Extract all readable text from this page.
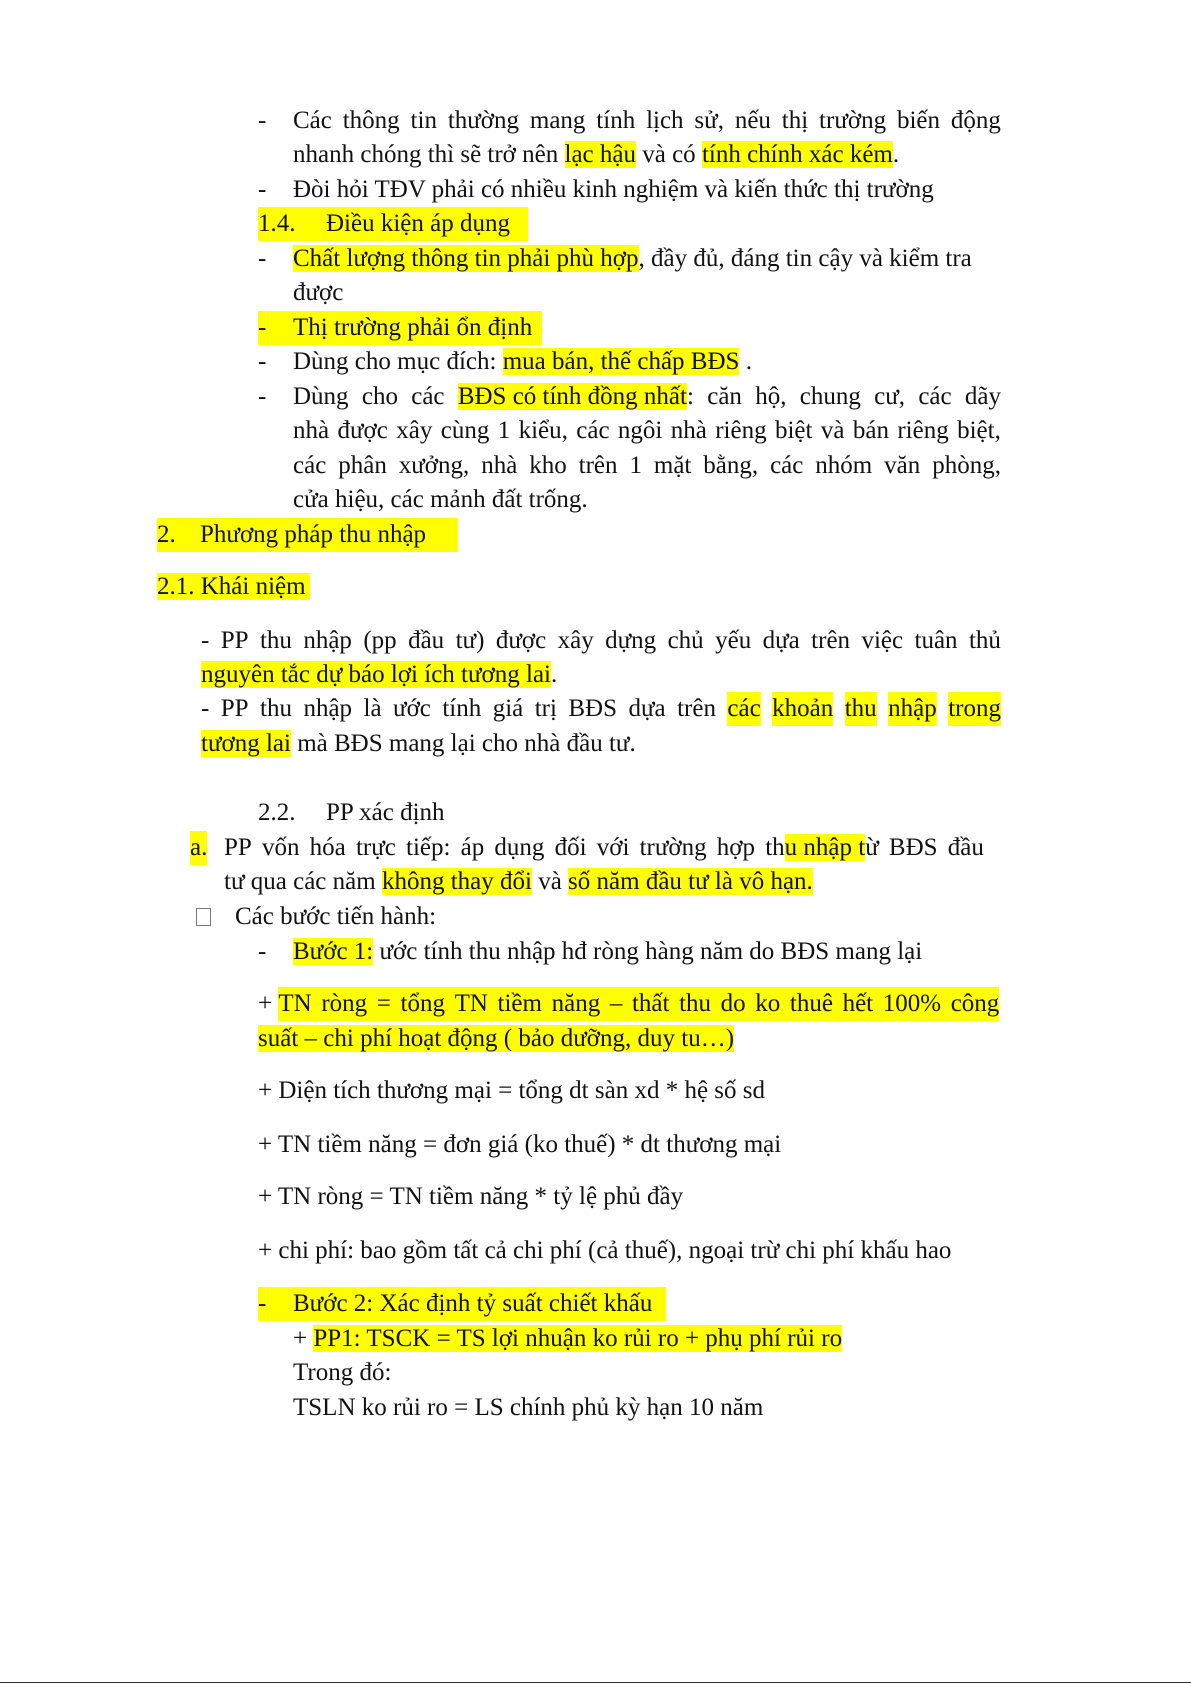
- Các thông tin thường mang tính lịch sử, nếu thị trường biến động
nhanh chóng thì sẽ trở nên lạc hậu và có tính chính xác kém.
- Đòi hỏi TĐV phải có nhiều kinh nghiệm và kiến thức thị trường
1.4. Điều kiện áp dụng
- Chất lượng thông tin phải phù hợp, đầy đủ, đáng tin cậy và kiểm tra
được
- Thị trường phải ổn định
- Dùng cho mục đích: mua bán, thế chấp BĐS .
- Dùng cho các BĐS có tính đồng nhất: căn hộ, chung cư, các dãy
nhà được xây cùng 1 kiểu, các ngôi nhà riêng biệt và bán riêng biệt,
các phân xưởng, nhà kho trên 1 mặt bằng, các nhóm văn phòng,
cửa hiệu, các mảnh đất trống.
2. Phương pháp thu nhập
2.1. Khái niệm
- PP thu nhập (pp đầu tư) được xây dựng chủ yếu dựa trên việc tuân thủ
nguyên tắc dự báo lợi ích tương lai.
- PP thu nhập là ước tính giá trị BĐS dựa trên các khoản thu nhập trong
tương lai mà BĐS mang lại cho nhà đầu tư.
2.2. PP xác định
a. PP vốn hóa trực tiếp: áp dụng đối với trường hợp thu nhập từ BĐS đầu
tư qua các năm không thay đổi và số năm đầu tư là vô hạn.
Các bước tiến hành:
- Bước 1: ước tính thu nhập hđ ròng hàng năm do BĐS mang lại
+ TN ròng = tổng TN tiềm năng – thất thu do ko thuê hết 100% công
suất – chi phí hoạt động ( bảo dưỡng, duy tu…)
+ Diện tích thương mại = tổng dt sàn xd * hệ số sd
+ TN tiềm năng = đơn giá (ko thuế) * dt thương mại
+ TN ròng = TN tiềm năng * tỷ lệ phủ đầy
+ chi phí: bao gồm tất cả chi phí (cả thuế), ngoại trừ chi phí khấu hao
- Bước 2: Xác định tỷ suất chiết khấu
+ PP1: TSCK = TS lợi nhuận ko rủi ro + phụ phí rủi ro
Trong đó:
TSLN ko rủi ro = LS chính phủ kỳ hạn 10 năm
